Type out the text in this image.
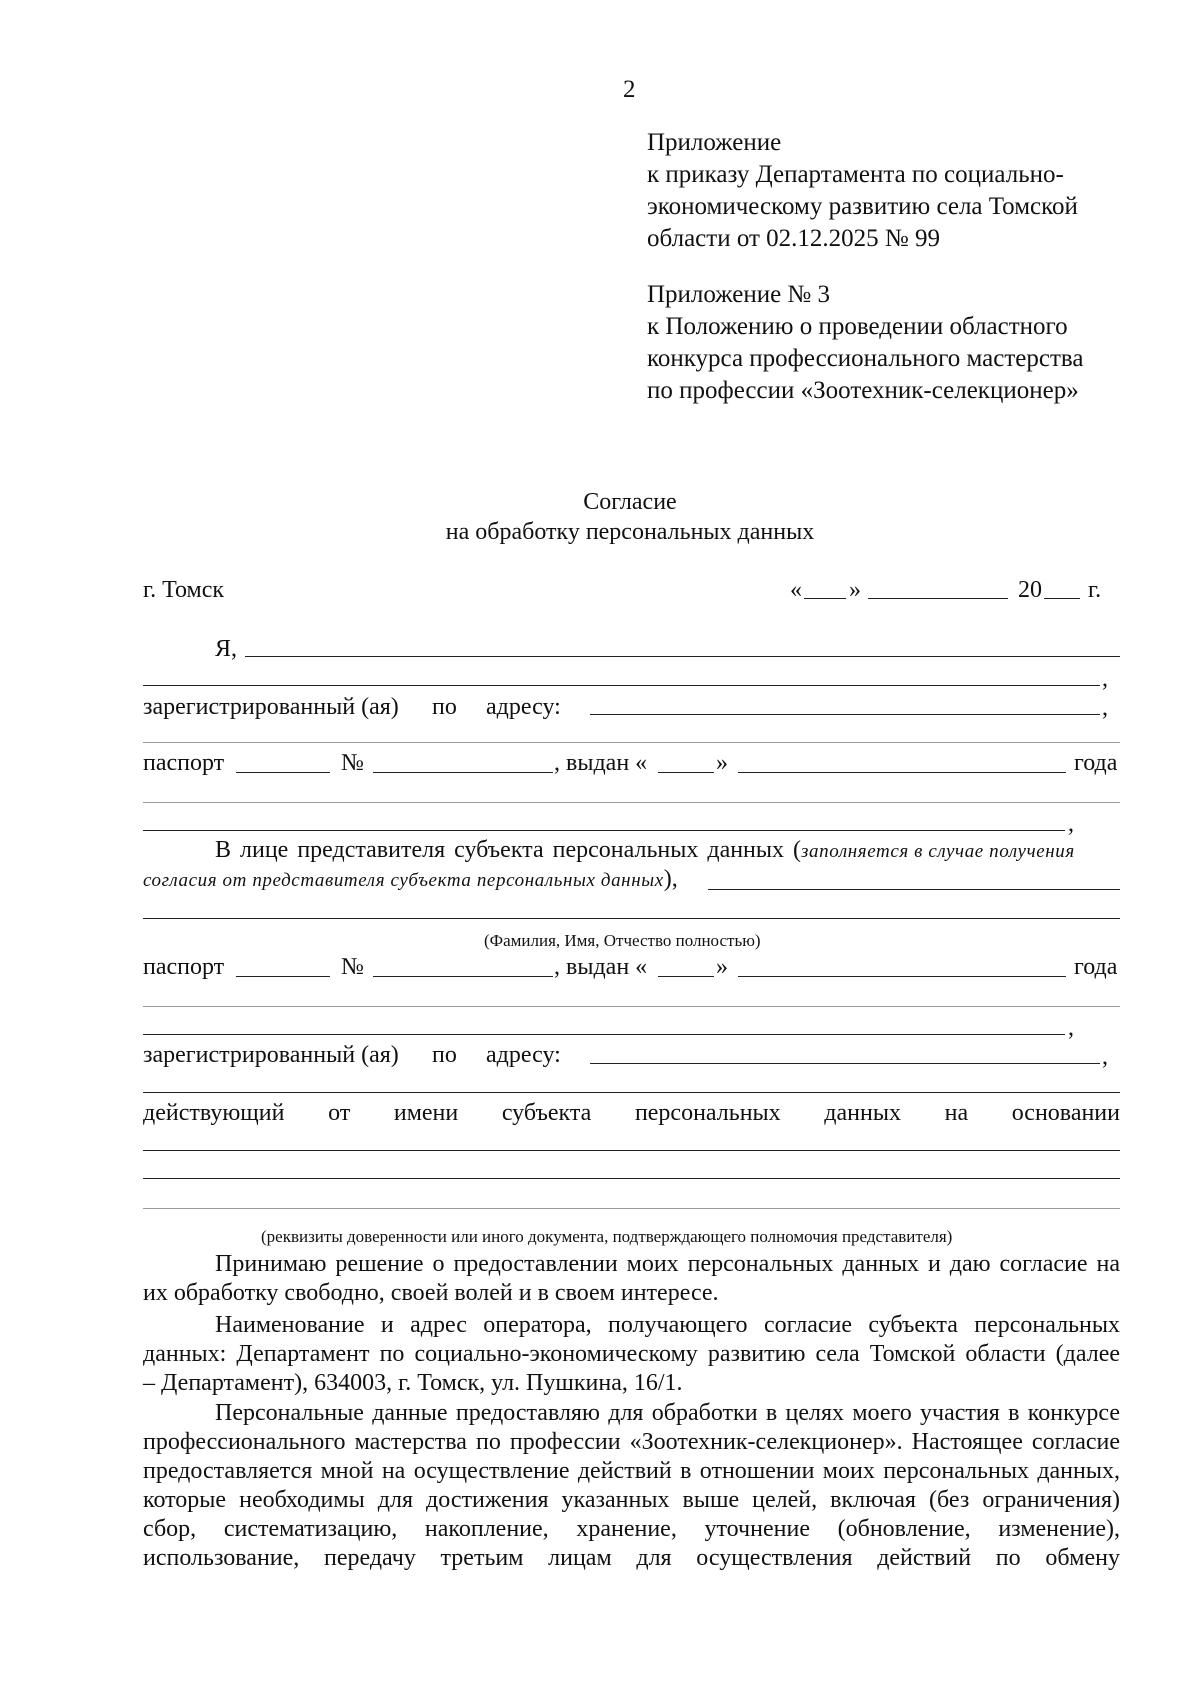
2
Приложение
к приказу Департамента по социально-
экономическому развитию села Томской
области от 02.12.2025 № 99
Приложение № 3
к Положению о проведении областного
конкурса профессионального мастерства
по профессии «Зоотехник-селекционер»
Согласие
на обработку персональных данных
г. Томск	« »	20 г.
Я,
,
зарегистрированный (ая) по адресу:	,
паспорт	№	, выдан «	»	года
,
В лице представителя субъекта персональных данных (заполняется в случае получения
согласия от представителя субъекта персональных данных),
(Фамилия, Имя, Отчество полностью)
паспорт	№	, выдан «	»	года
,
зарегистрированный (ая) по адресу:	,
действующий от имени субъекта персональных данных на основании
(реквизиты доверенности или иного документа, подтверждающего полномочия представителя)
Принимаю решение о предоставлении моих персональных данных и даю согласие на
их обработку свободно, своей волей и в своем интересе.
Наименование и адрес оператора, получающего согласие субъекта персональных
данных: Департамент по социально-экономическому развитию села Томской области (далее
– Департамент), 634003, г. Томск, ул. Пушкина, 16/1.
Персональные данные предоставляю для обработки в целях моего участия в конкурсе
профессионального мастерства по профессии «Зоотехник-селекционер». Настоящее согласие
предоставляется мной на осуществление действий в отношении моих персональных данных,
которые необходимы для достижения указанных выше целей, включая (без ограничения)
сбор, систематизацию, накопление, хранение, уточнение (обновление, изменение),
использование, передачу третьим лицам для осуществления действий по обмену
